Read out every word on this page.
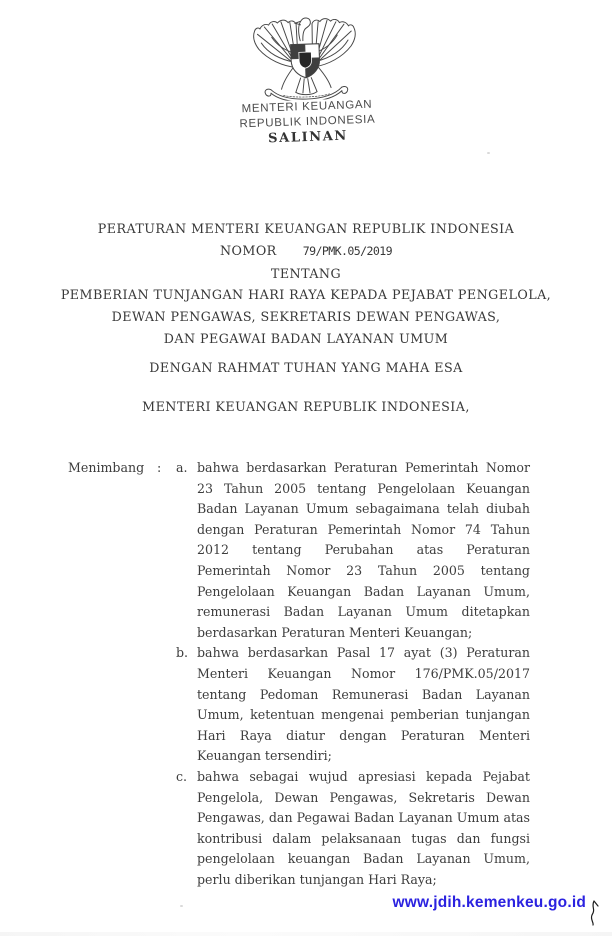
MENTERI KEUANGAN
REPUBLIK INDONESIA
SALINAN
PERATURAN MENTERI KEUANGAN REPUBLIK INDONESIA
NOMOR 79/PMK.05/2019
TENTANG
PEMBERIAN TUNJANGAN HARI RAYA KEPADA PEJABAT PENGELOLA,
DEWAN PENGAWAS, SEKRETARIS DEWAN PENGAWAS,
DAN PEGAWAI BADAN LAYANAN UMUM
DENGAN RAHMAT TUHAN YANG MAHA ESA
MENTERI KEUANGAN REPUBLIK INDONESIA,
Menimbang	:	a. bahwa berdasarkan Peraturan Pemerintah Nomor 23 Tahun 2005 tentang Pengelolaan Keuangan Badan Layanan Umum sebagaimana telah diubah dengan Peraturan Pemerintah Nomor 74 Tahun 2012 tentang Perubahan atas Peraturan Pemerintah Nomor 23 Tahun 2005 tentang Pengelolaan Keuangan Badan Layanan Umum, remunerasi Badan Layanan Umum ditetapkan berdasarkan Peraturan Menteri Keuangan;
b. bahwa berdasarkan Pasal 17 ayat (3) Peraturan Menteri Keuangan Nomor 176/PMK.05/2017 tentang Pedoman Remunerasi Badan Layanan Umum, ketentuan mengenai pemberian tunjangan Hari Raya diatur dengan Peraturan Menteri Keuangan tersendiri;
c. bahwa sebagai wujud apresiasi kepada Pejabat Pengelola, Dewan Pengawas, Sekretaris Dewan Pengawas, dan Pegawai Badan Layanan Umum atas kontribusi dalam pelaksanaan tugas dan fungsi pengelolaan keuangan Badan Layanan Umum, perlu diberikan tunjangan Hari Raya;
www.jdih.kemenkeu.go.id
